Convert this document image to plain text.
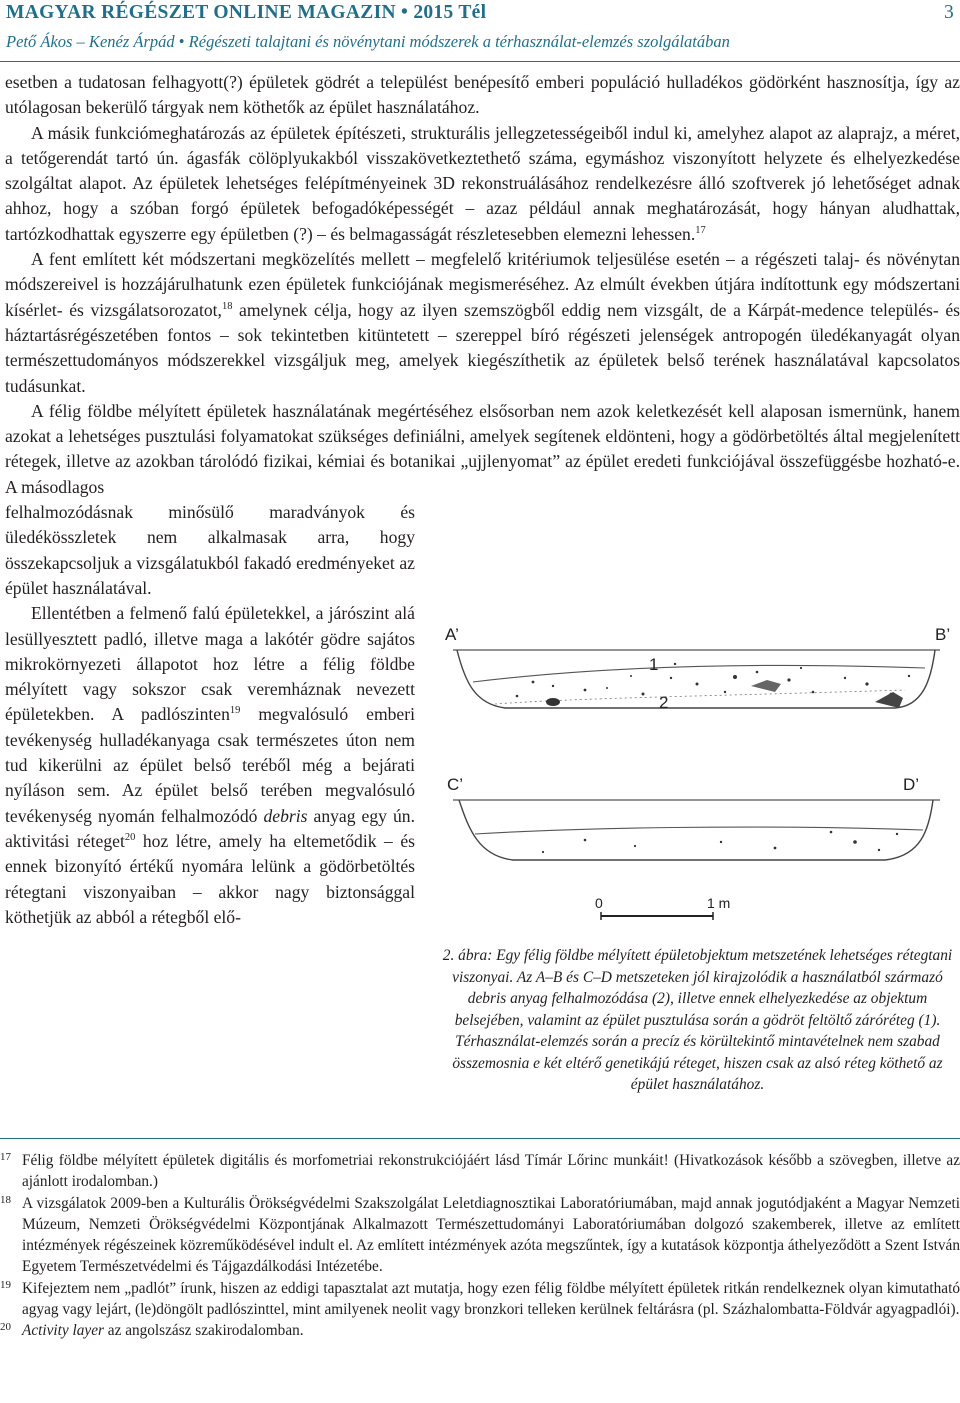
MAGYAR RÉGÉSZET ONLINE MAGAZIN • 2015 Tél	3
Pető Ákos – Kenéz Árpád • Régészeti talajtani és növénytani módszerek a térhasználat-elemzés szolgálatában

esetben a tudatosan felhagyott(?) épületek gödrét a települést benépesítő emberi populáció hulladékos gödörként hasznosítja, így az utólagosan bekerülő tárgyak nem köthetők az épület használatához.

A másik funkciómeghatározás az épületek építészeti, strukturális jellegzetességeiből indul ki, amelyhez alapot az alaprajz, a méret, a tetőgerendát tartó ún. ágasfák cölöplyukakból visszakövetkeztethető száma, egymáshoz viszonyított helyzete és elhelyezkedése szolgáltat alapot. Az épületek lehetséges felépítményeinek 3D rekonstruálásához rendelkezésre álló szoftverek jó lehetőséget adnak ahhoz, hogy a szóban forgó épületek befogadóképességét – azaz például annak meghatározását, hogy hányan aludhattak, tartózkodhattak egyszerre egy épületben (?) – és belmagasságát részletesebben elemezni lehessen.$^{17}$

A fent említett két módszertani megközelítés mellett – megfelelő kritériumok teljesülése esetén – a régészeti talaj- és növénytan módszereivel is hozzájárulhatunk ezen épületek funkciójának megismeréséhez. Az elmúlt években útjára indítottunk egy módszertani kísérlet- és vizsgálatsorozatot,$^{18}$ amelynek célja, hogy az ilyen szemszögből eddig nem vizsgált, de a Kárpát-medence település- és háztartásrégészetében fontos – sok tekintetben kitüntetett – szereppel bíró régészeti jelenségek antropogén üledékanyagát olyan természettudományos módszerekkel vizsgáljuk meg, amelyek kiegészíthetik az épületek belső terének használatával kapcsolatos tudásunkat.

A félig földbe mélyített épületek használatának megértéséhez elsősorban nem azok keletkezését kell alaposan ismernünk, hanem azokat a lehetséges pusztulási folyamatokat szükséges definiálni, amelyek segítenek eldönteni, hogy a gödörbetöltés által megjelenített rétegek, illetve az azokban tárolódó fizikai, kémiai és botanikai „ujjlenyomat” az épület eredeti funkciójával összefüggésbe hozható-e. A másodlagos

felhalmozódásnak minősülő maradványok és üledékösszletek nem alkalmasak arra, hogy összekapcsoljuk a vizsgálatukból fakadó eredményeket az épület használatával.

Ellentétben a felmenő falú épületekkel, a járószint alá lesüllyesztett padló, illetve maga a lakótér gödre sajátos mikrokörnyezeti állapotot hoz létre a félig földbe mélyített vagy sokszor csak veremháznak nevezett épületekben. A padlószinten$^{19}$ megvalósuló emberi tevékenység hulladékanyaga csak természetes úton nem tud kikerülni az épület belső teréből még a bejárati nyíláson sem. Az épület belső terében megvalósuló tevékenység nyomán felhalmozódó debris anyag egy ún. aktivitási réteget$^{20}$ hoz létre, amely ha eltemetődik – és ennek bizonyító értékű nyomára lelünk a gödörbetöltés rétegtani viszonyaiban – akkor nagy biztonsággal köthetjük az abból a rétegből elő-

A’	B’
1
2
C’	D’
0	1 m
2. ábra: Egy félig földbe mélyített épületobjektum metszetének lehetséges rétegtani viszonyai. Az A–B és C–D metszeteken jól kirajzolódik a használatból származó debris anyag felhalmozódása (2), illetve ennek elhelyezkedése az objektum belsejében, valamint az épület pusztulása során a gödröt feltöltő záróréteg (1). Térhasználat-elemzés során a precíz és körültekintő mintavételnek nem szabad összemosnia e két eltérő genetikájú réteget, hiszen csak az alsó réteg köthető az épület használatához.
17 Félig földbe mélyített épületek digitális és morfometriai rekonstrukciójáért lásd Tímár Lőrinc munkáit! (Hivatkozások később a szövegben, illetve az ajánlott irodalomban.)
18 A vizsgálatok 2009-ben a Kulturális Örökségvédelmi Szakszolgálat Leletdiagnosztikai Laboratóriumában, majd annak jogutódjaként a Magyar Nemzeti Múzeum, Nemzeti Örökségvédelmi Központjának Alkalmazott Természettudományi Laboratóriumában dolgozó szakemberek, illetve az említett intézmények régészeinek közreműködésével indult el. Az említett intézmények azóta megszűntek, így a kutatások központja áthelyeződött a Szent István Egyetem Természetvédelmi és Tájgazdálkodási Intézetébe.
19 Kifejeztem nem „padlót” írunk, hiszen az eddigi tapasztalat azt mutatja, hogy ezen félig földbe mélyített épületek ritkán rendelkeznek olyan kimutatható agyag vagy lejárt, (le)döngölt padlószinttel, mint amilyenek neolit vagy bronzkori telleken kerülnek feltárásra (pl. Százhalombatta-Földvár agyagpadlói).
20 Activity layer az angolszász szakirodalomban.
